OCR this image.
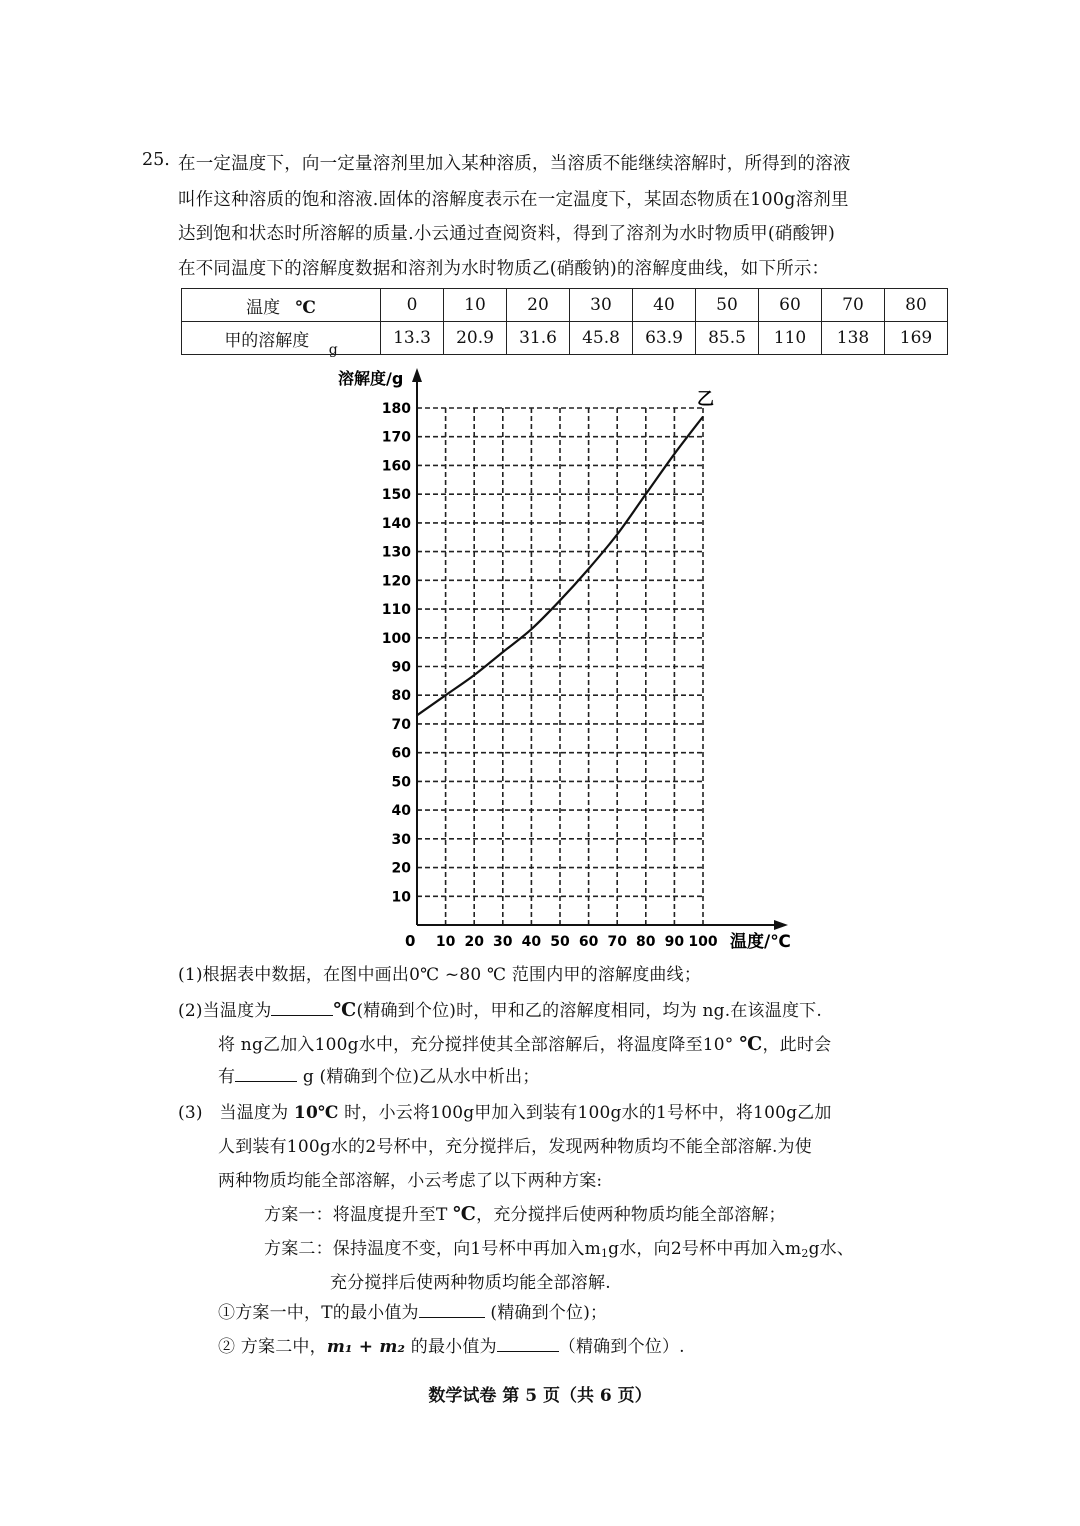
25. 在一定温度下，向一定量溶剂里加入某种溶质，当溶质不能继续溶解时，所得到的溶液
叫作这种溶质的饱和溶液.固体的溶解度表示在一定温度下，某固态物质在100g溶剂里
达到饱和状态时所溶解的质量.小云通过查阅资料，得到了溶剂为水时物质甲(硝酸钾)
在不同温度下的溶解度数据和溶剂为水时物质乙(硝酸钠)的溶解度曲线，如下所示：
温度 ℃	0	10	20	30	40	50	60	70	80
甲的溶解度 $_g$	13.3	20.9	31.6	45.8	63.9	85.5	110	138	169
10
20
30
40
50
60
70
80
90
100
110
120
130
140
150
160
170
180
10 20 30 40 50 60 70 80 90 100
乙
溶解度/g
温度/℃
0
(1)根据表中数据，在图中画出0℃ ~80 ℃ 范围内甲的溶解度曲线；
(2)当温度为	℃(精确到个位)时，甲和乙的溶解度相同，均为 ng.在该温度下.
将 ng乙加入100g水中，充分搅拌使其全部溶解后，将温度降至10° ℃，此时会
有	g (精确到个位)乙从水中析出；
(3) 当温度为 10℃ 时，小云将100g甲加入到装有100g水的1号杯中，将100g乙加
人到装有100g水的2号杯中，充分搅拌后，发现两种物质均不能全部溶解.为使
两种物质均能全部溶解，小云考虑了以下两种方案:
方案一：将温度提升至T ℃，充分搅拌后使两种物质均能全部溶解；
方案二：保持温度不变，向1号杯中再加入m1g水，向2号杯中再加入m2g水、
充分搅拌后使两种物质均能全部溶解.
①方案一中，T的最小值为	(精确到个位)；
② 方案二中，m₁ + m₂ 的最小值为	（精确到个位）.
数学试卷 第 5 页（共 6 页）
